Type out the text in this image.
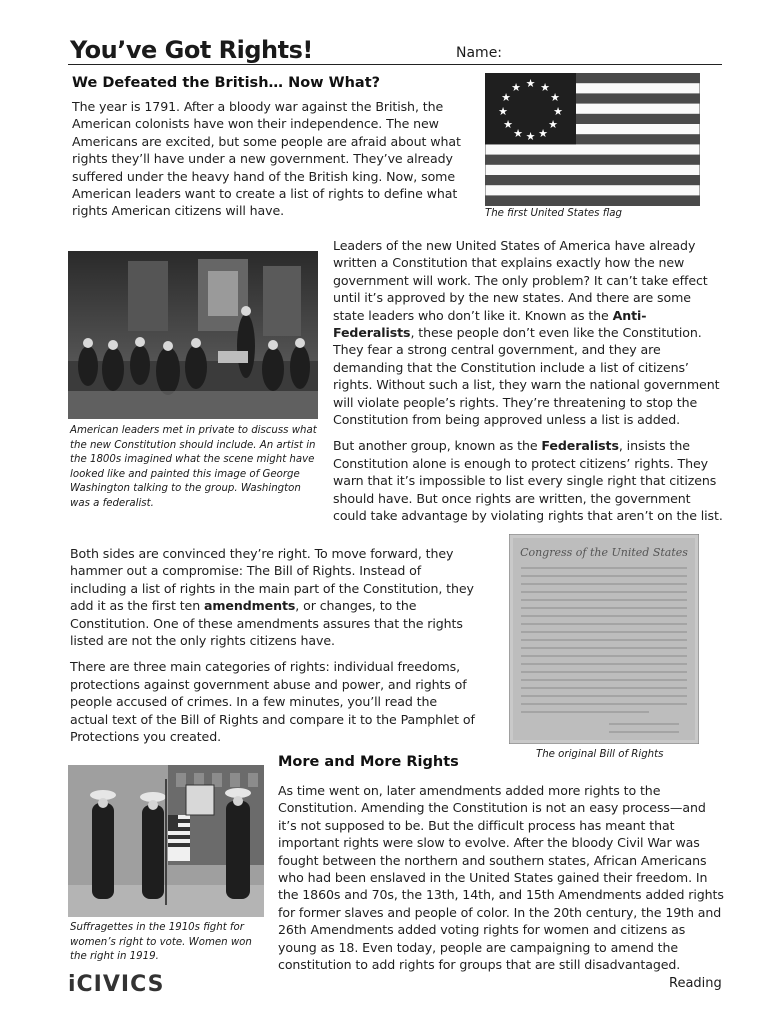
You’ve Got Rights!	Name:
We Defeated the British… Now What?

The year is 1791. After a bloody war against the British, the American colonists have won their independence. The new Americans are excited, but some people are afraid about what rights they’ll have under a new government. They’ve already suffered under the heavy hand of the British king. Now, some American leaders want to create a list of rights to define what rights American citizens will have.

★ ★
★
★
★
★
★
★
★
★
★
★
The first United States flag
American leaders met in private to discuss what the new Constitution should include. An artist in the 1800s imagined what the scene might have looked like and painted this image of George Washington talking to the group. Washington was a federalist.

Leaders of the new United States of America have already written a Constitution that explains exactly how the new government will work. The only problem? It can’t take effect until it’s approved by the new states. And there are some state leaders who don’t like it. Known as the Anti-Federalists, these people don’t even like the Constitution. They fear a strong central government, and they are demanding that the Constitution include a list of citizens’ rights. Without such a list, they warn the national government will violate people’s rights. They’re threatening to stop the Constitution from being approved unless a list is added.

But another group, known as the Federalists, insists the Constitution alone is enough to protect citizens’ rights. They warn that it’s impossible to list every single right that citizens should have. But once rights are written, the government could take advantage by violating rights that aren’t on the list.

Both sides are convinced they’re right. To move forward, they hammer out a compromise: The Bill of Rights. Instead of including a list of rights in the main part of the Constitution, they add it as the first ten amendments, or changes, to the Constitution. One of these amendments assures that the rights listed are not the only rights citizens have.

There are three main categories of rights: individual freedoms, protections against government abuse and power, and rights of people accused of crimes. In a few minutes, you’ll read the actual text of the Bill of Rights and compare it to the Pamphlet of Protections you created.

Congress of the United States
The original Bill of Rights
Suffragettes in the 1910s fight for women’s right to vote. Women won the right in 1919.
More and More Rights

As time went on, later amendments added more rights to the Constitution. Amending the Constitution is not an easy process—and it’s not supposed to be. But the difficult process has meant that important rights were slow to evolve. After the bloody Civil War was fought between the northern and southern states, African Americans who had been enslaved in the United States gained their freedom. In the 1860s and 70s, the 13th, 14th, and 15th Amendments added rights for former slaves and people of color. In the 20th century, the 19th and 26th Amendments added voting rights for women and citizens as young as 18. Even today, people are campaigning to amend the constitution to add rights for groups that are still disadvantaged.

iCIVICS	Reading
